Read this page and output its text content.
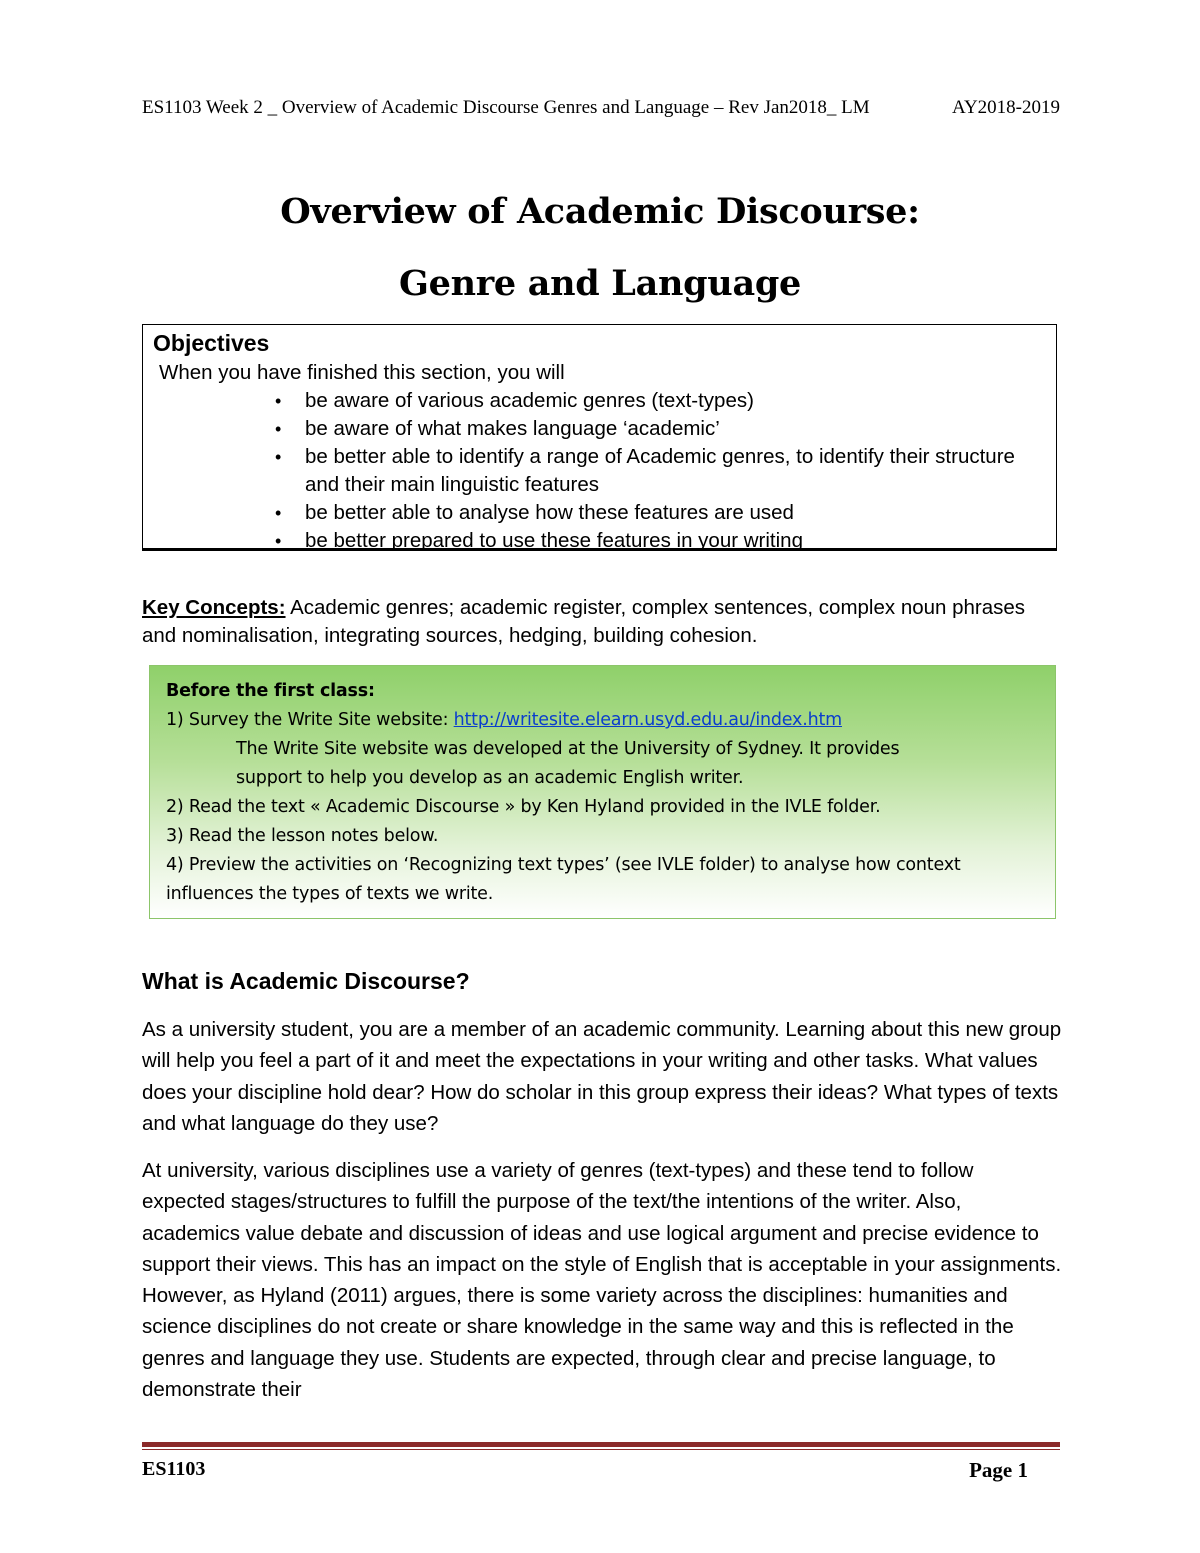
ES1103 Week 2 _ Overview of Academic Discourse Genres and Language – Rev Jan2018_ LM	AY2018-2019
Overview of Academic Discourse:
Genre and Language
Objectives
When you have finished this section, you will
• be aware of various academic genres (text-types)
• be aware of what makes language ‘academic’
• be better able to identify a range of Academic genres, to identify their structure and their main linguistic features
• be better able to analyse how these features are used
• be better prepared to use these features in your writing
Key Concepts: Academic genres; academic register, complex sentences, complex noun phrases and nominalisation, integrating sources, hedging, building cohesion.
Before the first class:
1) Survey the Write Site website: http://writesite.elearn.usyd.edu.au/index.htm
The Write Site website was developed at the University of Sydney. It provides
support to help you develop as an academic English writer.
2) Read the text « Academic Discourse » by Ken Hyland provided in the IVLE folder.
3) Read the lesson notes below.
4) Preview the activities on ‘Recognizing text types’ (see IVLE folder) to analyse how context
influences the types of texts we write.
What is Academic Discourse?

As a university student, you are a member of an academic community. Learning about this new group will help you feel a part of it and meet the expectations in your writing and other tasks. What values does your discipline hold dear? How do scholar in this group express their ideas? What types of texts and what language do they use?

At university, various disciplines use a variety of genres (text-types) and these tend to follow expected stages/structures to fulfill the purpose of the text/the intentions of the writer. Also, academics value debate and discussion of ideas and use logical argument and precise evidence to support their views. This has an impact on the style of English that is acceptable in your assignments. However, as Hyland (2011) argues, there is some variety across the disciplines: humanities and science disciplines do not create or share knowledge in the same way and this is reflected in the genres and language they use. Students are expected, through clear and precise language, to demonstrate their

ES1103	Page 1
